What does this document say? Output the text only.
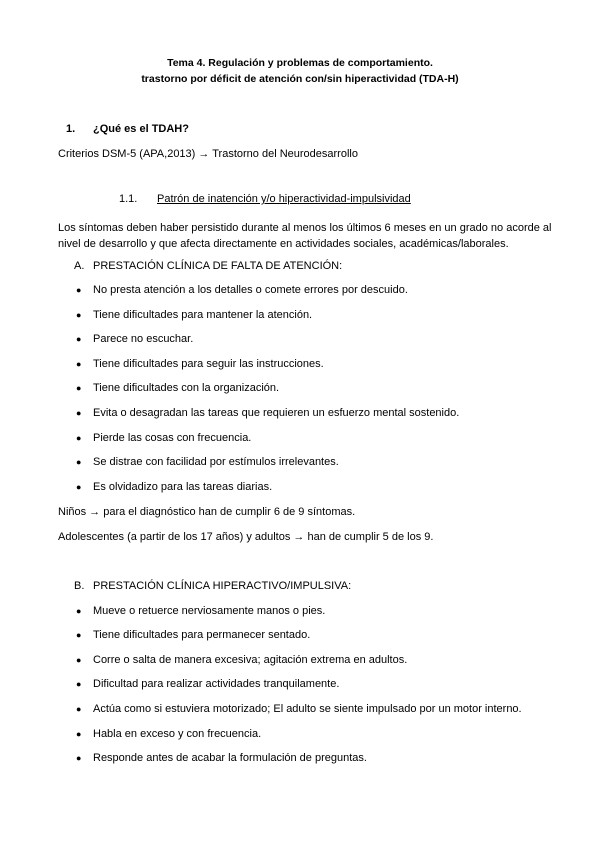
Tema 4. Regulación y problemas de comportamiento.
trastorno por déficit de atención con/sin hiperactividad (TDA-H)
1. ¿Qué es el TDAH?
Criterios DSM-5 (APA,2013) → Trastorno del Neurodesarrollo
1.1. Patrón de inatención y/o hiperactividad-impulsividad
Los síntomas deben haber persistido durante al menos los últimos 6 meses en un grado no acorde al nivel de desarrollo y que afecta directamente en actividades sociales, académicas/laborales.
A. PRESTACIÓN CLÍNICA DE FALTA DE ATENCIÓN:
● No presta atención a los detalles o comete errores por descuido.
● Tiene dificultades para mantener la atención.
● Parece no escuchar.
● Tiene dificultades para seguir las instrucciones.
● Tiene dificultades con la organización.
● Evita o desagradan las tareas que requieren un esfuerzo mental sostenido.
● Pierde las cosas con frecuencia.
● Se distrae con facilidad por estímulos irrelevantes.
● Es olvidadizo para las tareas diarias.
Niños → para el diagnóstico han de cumplir 6 de 9 síntomas.
Adolescentes (a partir de los 17 años) y adultos → han de cumplir 5 de los 9.
B. PRESTACIÓN CLÍNICA HIPERACTIVO/IMPULSIVA:
● Mueve o retuerce nerviosamente manos o pies.
● Tiene dificultades para permanecer sentado.
● Corre o salta de manera excesiva; agitación extrema en adultos.
● Dificultad para realizar actividades tranquilamente.
● Actúa como si estuviera motorizado; El adulto se siente impulsado por un motor interno.
● Habla en exceso y con frecuencia.
● Responde antes de acabar la formulación de preguntas.
